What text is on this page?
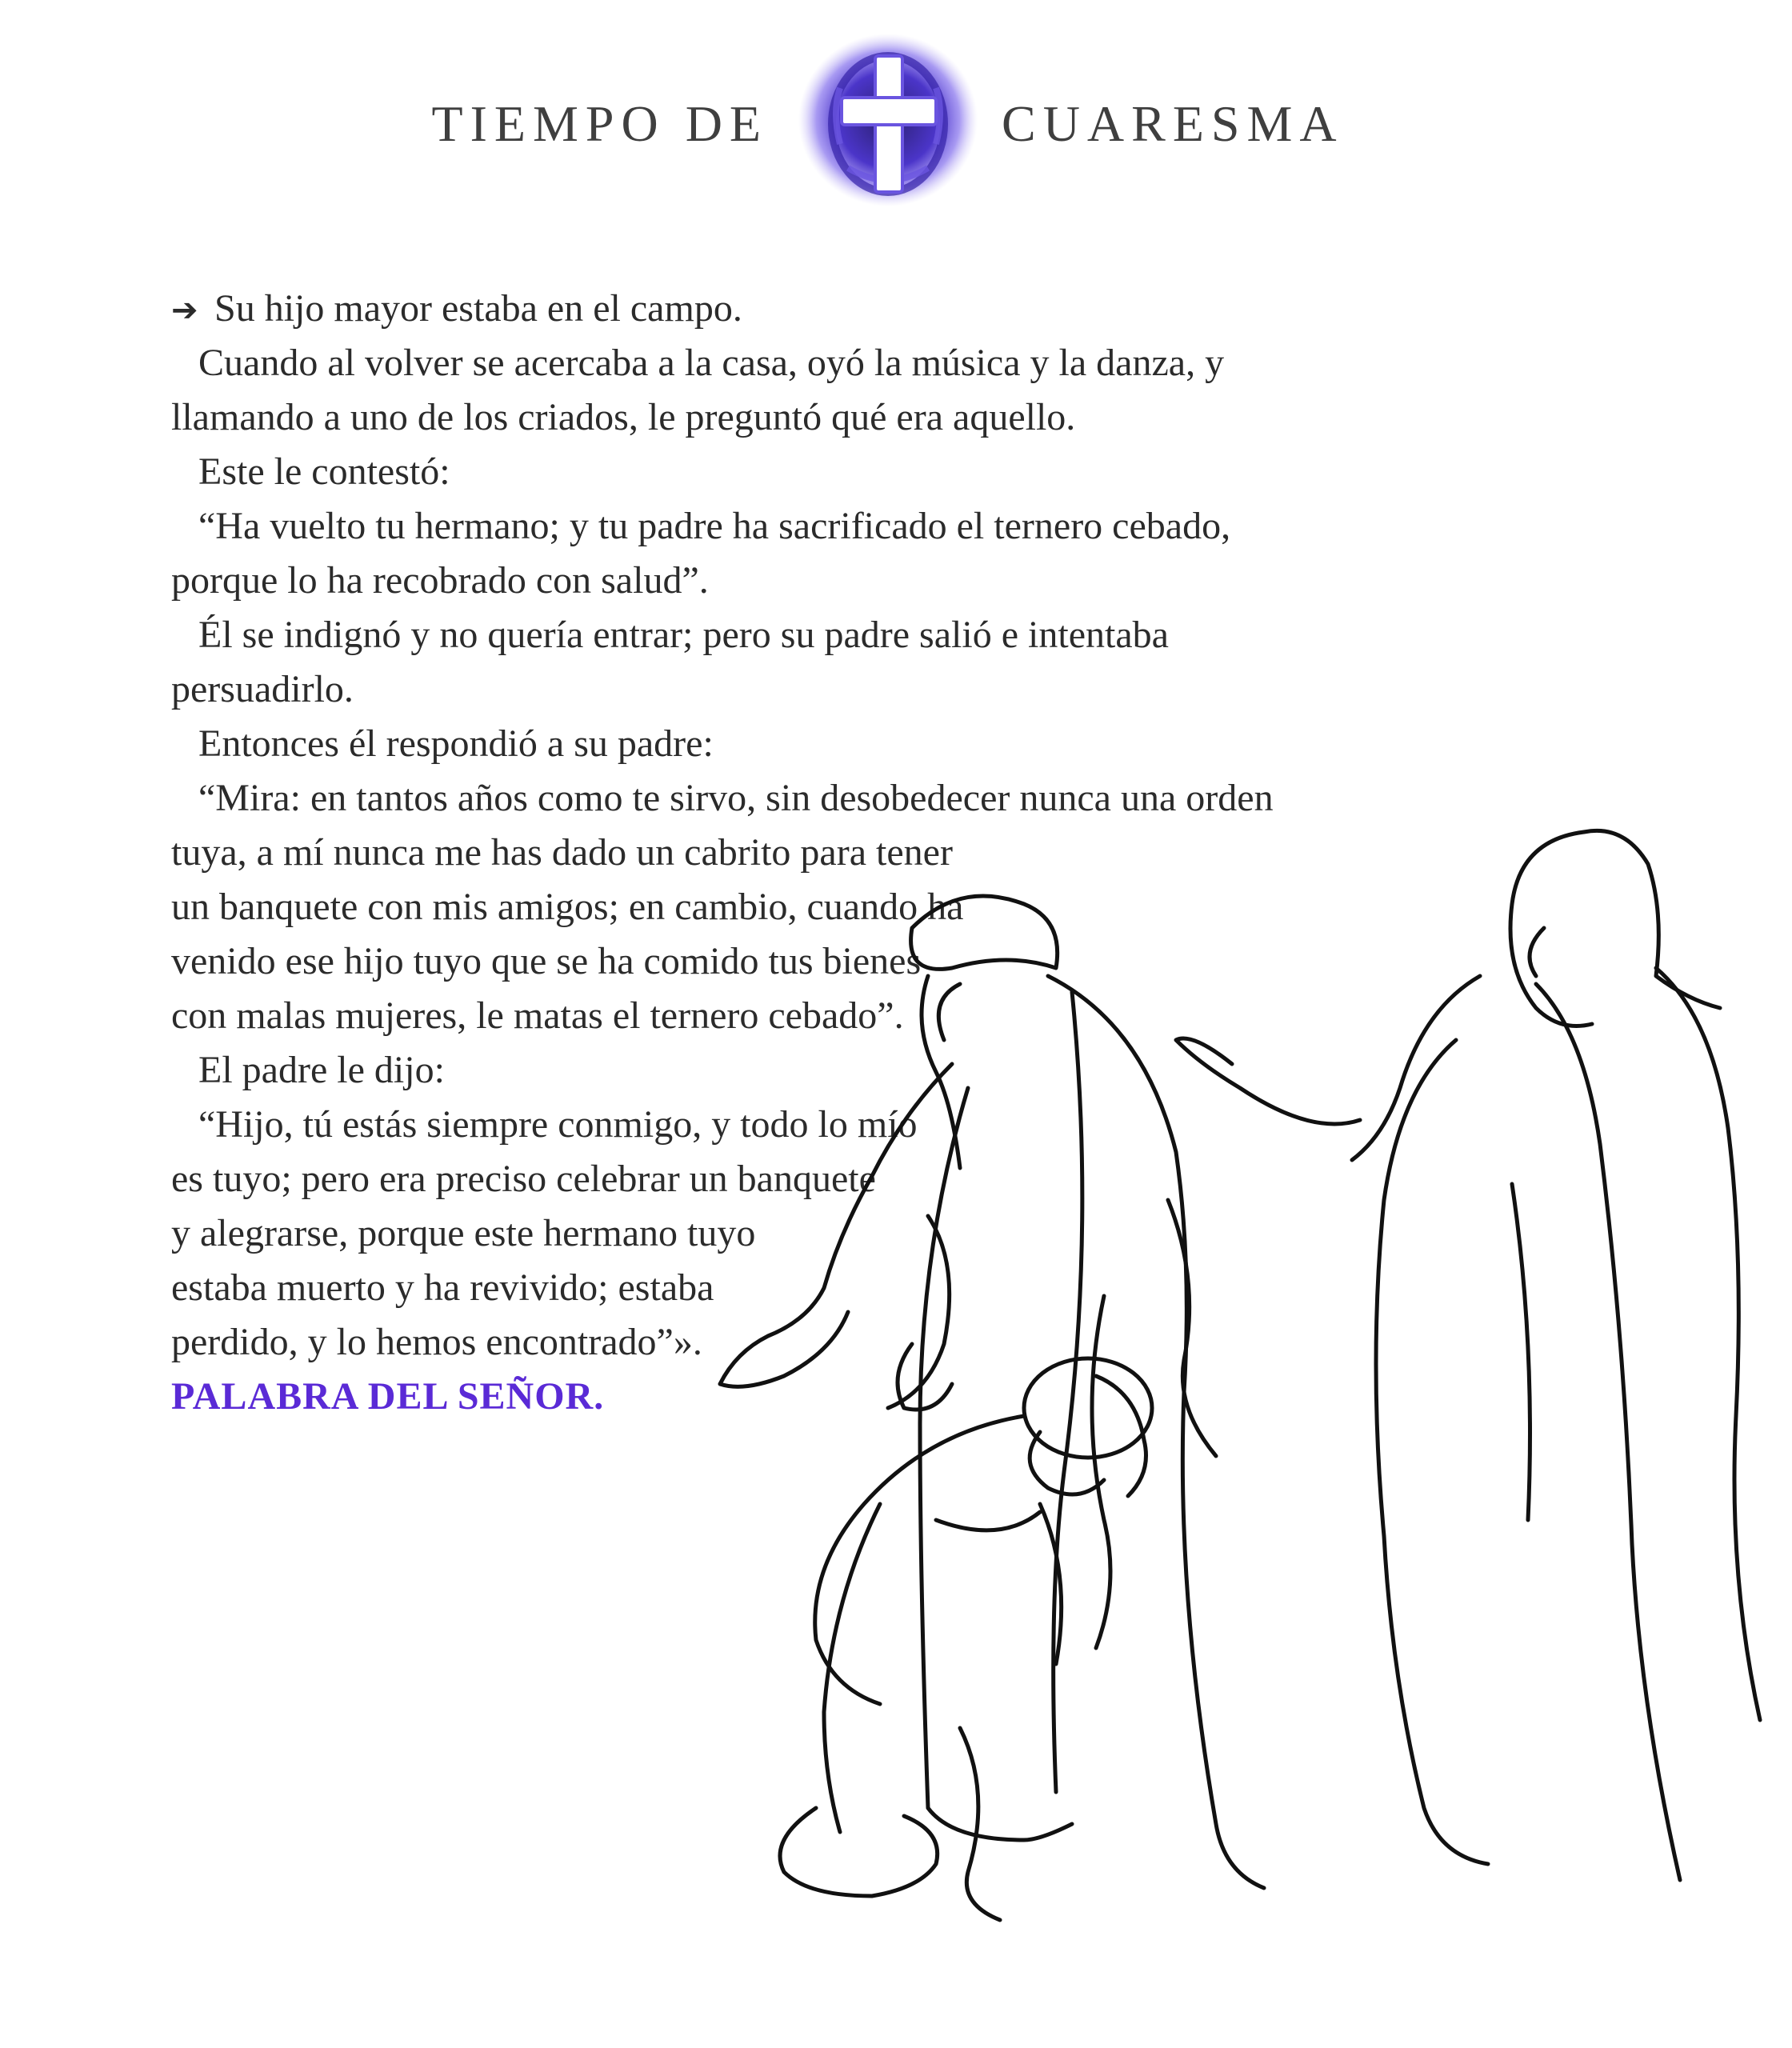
TIEMPO DE	CUARESMA
➔ Su hijo mayor estaba en el campo.
Cuando al volver se acercaba a la casa, oyó la música y la danza, y
llamando a uno de los criados, le preguntó qué era aquello.
Este le contestó:
“Ha vuelto tu hermano; y tu padre ha sacrificado el ternero cebado,
porque lo ha recobrado con salud”.
Él se indignó y no quería entrar; pero su padre salió e intentaba
persuadirlo.
Entonces él respondió a su padre:
“Mira: en tantos años como te sirvo, sin desobedecer nunca una orden
tuya, a mí nunca me has dado un cabrito para tener
un banquete con mis amigos; en cambio, cuando ha
venido ese hijo tuyo que se ha comido tus bienes
con malas mujeres, le matas el ternero cebado”.
El padre le dijo:
“Hijo, tú estás siempre conmigo, y todo lo mío
es tuyo; pero era preciso celebrar un banquete
y alegrarse, porque este hermano tuyo
estaba muerto y ha revivido; estaba
perdido, y lo hemos encontrado”».
PALABRA DEL SEÑOR.
